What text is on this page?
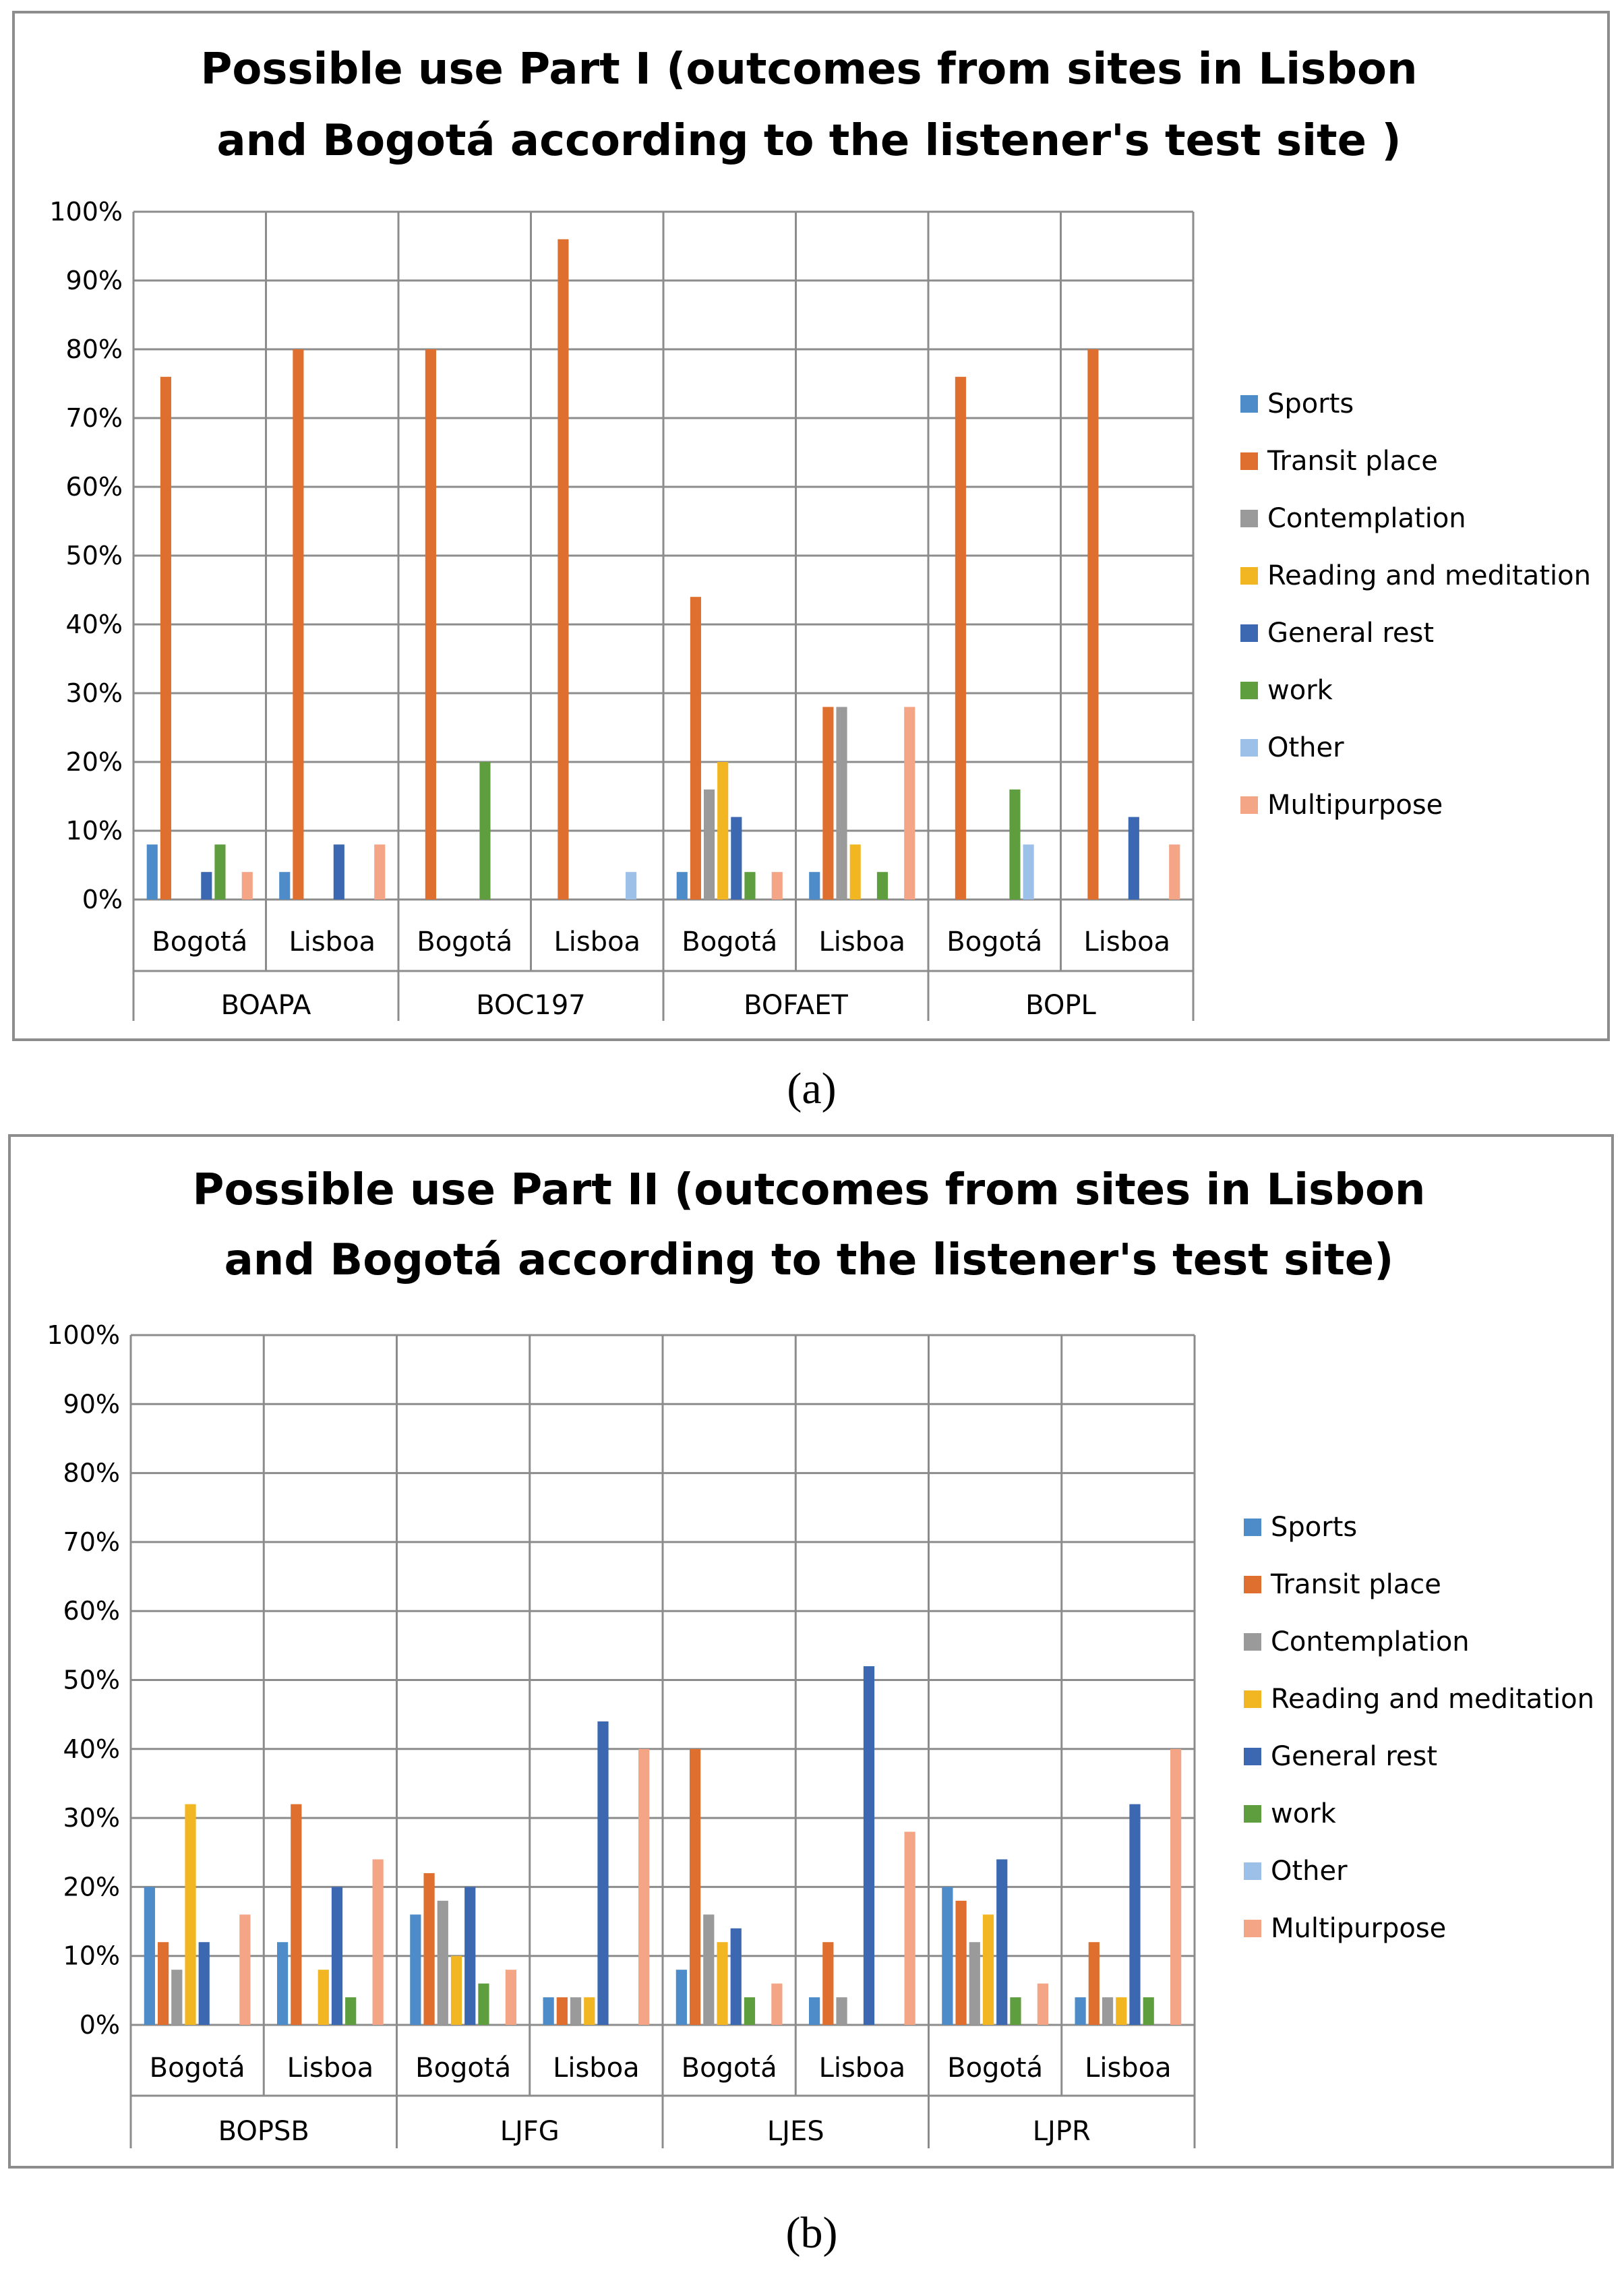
Possible use Part I (outcomes from sites in Lisbon
and Bogotá according to the listener's test site )
0%
10%
20%
30%
40%
50%
60%
70%
80%
90%
100%
Bogotá Lisboa Bogotá Lisboa Bogotá Lisboa Bogotá Lisboa
BOAPA	BOC197	BOFAET	BOPL
Sports
Transit place
Contemplation
Reading and meditation
General rest
work
Other
Multipurpose
(a)
Possible use Part II (outcomes from sites in Lisbon
and Bogotá according to the listener's test site)
0%
10%
20%
30%
40%
50%
60%
70%
80%
90%
100%
Bogotá Lisboa Bogotá Lisboa Bogotá Lisboa Bogotá Lisboa
BOPSB	LJFG	LJES	LJPR
Sports
Transit place
Contemplation
Reading and meditation
General rest
work
Other
Multipurpose
(b)
